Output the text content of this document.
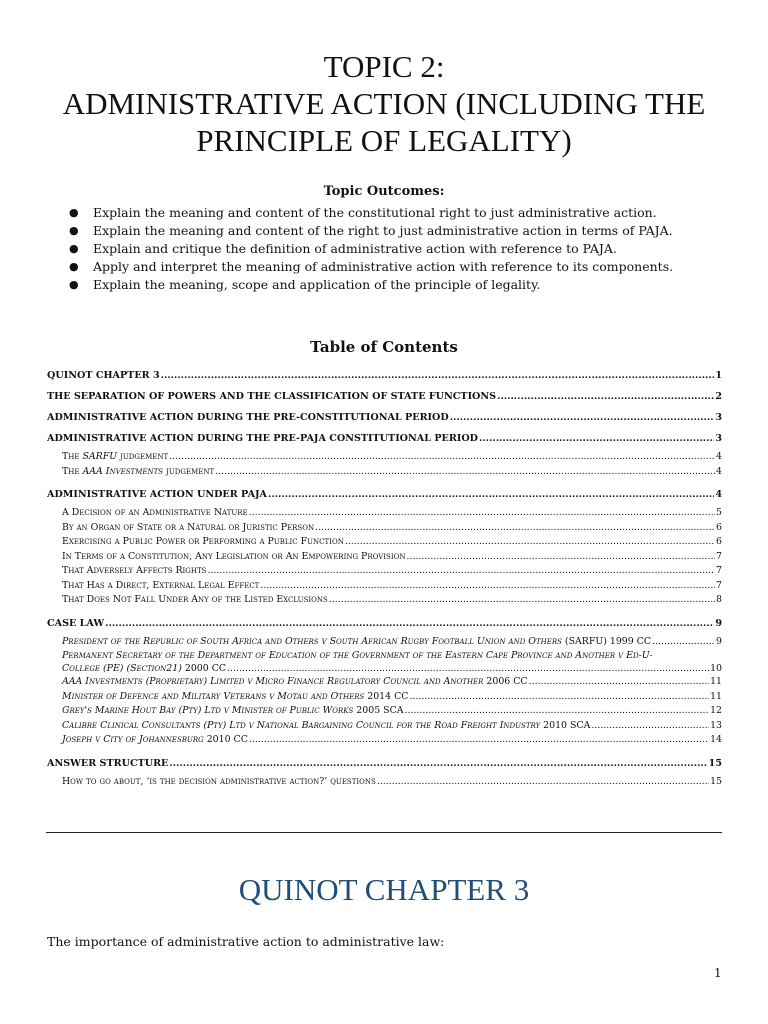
TOPIC 2:
ADMINISTRATIVE ACTION (INCLUDING THE
PRINCIPLE OF LEGALITY)
Topic Outcomes:
● Explain the meaning and content of the constitutional right to just administrative action.
● Explain the meaning and content of the right to just administrative action in terms of PAJA.
● Explain and critique the definition of administrative action with reference to PAJA.
● Apply and interpret the meaning of administrative action with reference to its components.
● Explain the meaning, scope and application of the principle of legality.
Table of Contents
QUINOT CHAPTER 3 .....	1
THE SEPARATION OF POWERS AND THE CLASSIFICATION OF STATE FUNCTIONS .....	2
ADMINISTRATIVE ACTION DURING THE PRE-CONSTITUTIONAL PERIOD .....	3
ADMINISTRATIVE ACTION DURING THE PRE-PAJA CONSTITUTIONAL PERIOD .....	3
The SARFU judgement .....	4
The AAA Investments judgement .....	4
ADMINISTRATIVE ACTION UNDER PAJA .....	4
A Decision of an Administrative Nature .....	5
By an Organ of State or a Natural or Juristic Person .....	6
Exercising a Public Power or Performing a Public Function .....	6
In Terms of a Constitution, Any Legislation or An Empowering Provision .....	7
That Adversely Affects Rights .....	7
That Has a Direct, External Legal Effect .....	7
That Does Not Fall Under Any of the Listed Exclusions .....	8
CASE LAW .....	9
President of the Republic of South Africa and Others v South African Rugby Football Union and Others (SARFU) 1999 CC .....	9
Permanent Secretary of the Department of Education of the Government of the Eastern Cape Province and Another v Ed-U-
College (PE) (Section21) 2000 CC .....	10
AAA Investments (Proprietary) Limited v Micro Finance Regulatory Council and Another 2006 CC .....	11
Minister of Defence and Military Veterans v Motau and Others 2014 CC .....	11
Grey's Marine Hout Bay (Pty) Ltd v Minister of Public Works 2005 SCA .....	12
Calibre Clinical Consultants (Pty) Ltd v National Bargaining Council for the Road Freight Industry 2010 SCA .....	13
Joseph v City of Johannesburg 2010 CC .....	14
ANSWER STRUCTURE .....	15
How to go about, ‘is the decision administrative action?’ questions .....	15
QUINOT CHAPTER 3
The importance of administrative action to administrative law:
1
